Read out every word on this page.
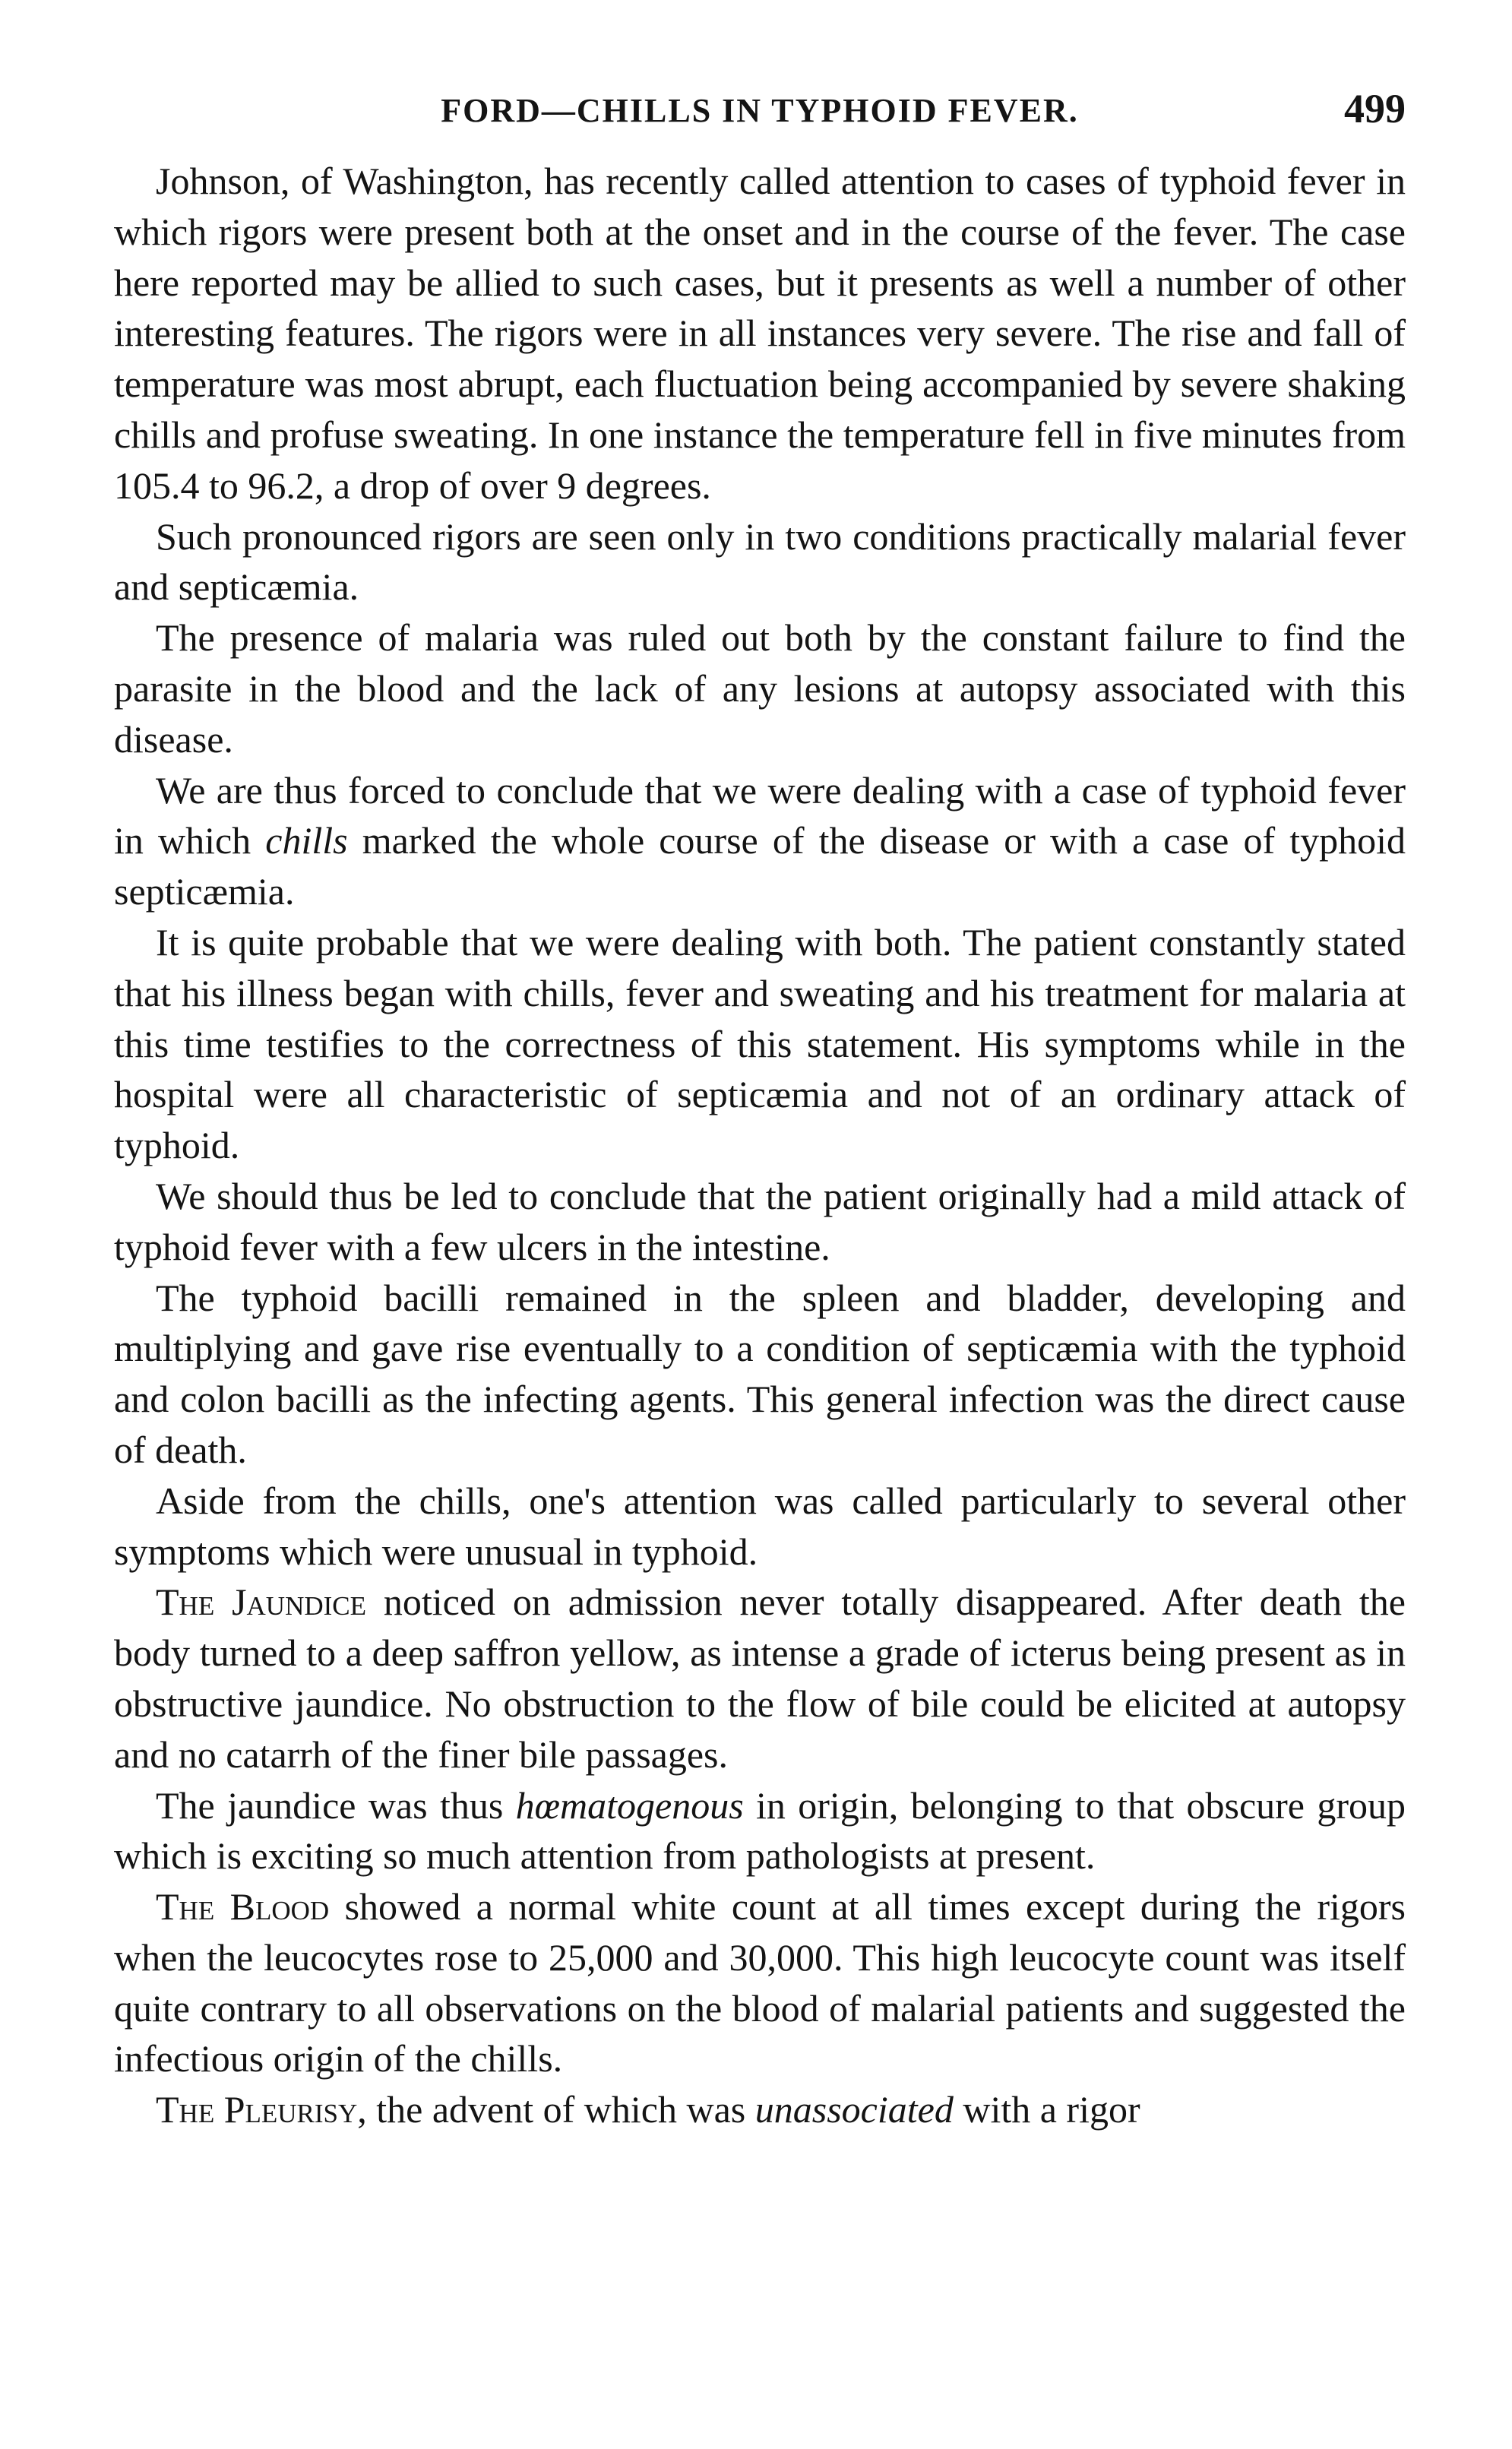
FORD—CHILLS IN TYPHOID FEVER.	499

Johnson, of Washington, has recently called attention to cases of typhoid fever in which rigors were present both at the onset and in the course of the fever. The case here reported may be allied to such cases, but it presents as well a number of other interesting features. The rigors were in all instances very severe. The rise and fall of temperature was most abrupt, each fluctuation being accompanied by severe shaking chills and profuse sweating. In one instance the temperature fell in five minutes from 105.4 to 96.2, a drop of over 9 degrees.

Such pronounced rigors are seen only in two conditions practically malarial fever and septicæmia.

The presence of malaria was ruled out both by the constant failure to find the parasite in the blood and the lack of any lesions at autopsy associated with this disease.

We are thus forced to conclude that we were dealing with a case of typhoid fever in which chills marked the whole course of the disease or with a case of typhoid septicæmia.

It is quite probable that we were dealing with both. The patient constantly stated that his illness began with chills, fever and sweating and his treatment for malaria at this time testifies to the correctness of this statement. His symptoms while in the hospital were all characteristic of septicæmia and not of an ordinary attack of typhoid.

We should thus be led to conclude that the patient originally had a mild attack of typhoid fever with a few ulcers in the intestine.

The typhoid bacilli remained in the spleen and bladder, developing and multiplying and gave rise eventually to a condition of septicæmia with the typhoid and colon bacilli as the infecting agents. This general infection was the direct cause of death.

Aside from the chills, one's attention was called particularly to several other symptoms which were unusual in typhoid.

The Jaundice noticed on admission never totally disappeared. After death the body turned to a deep saffron yellow, as intense a grade of icterus being present as in obstructive jaundice. No obstruction to the flow of bile could be elicited at autopsy and no catarrh of the finer bile passages.

The jaundice was thus hœmatogenous in origin, belonging to that obscure group which is exciting so much attention from pathologists at present.

The Blood showed a normal white count at all times except during the rigors when the leucocytes rose to 25,000 and 30,000. This high leucocyte count was itself quite contrary to all observations on the blood of malarial patients and suggested the infectious origin of the chills.

The Pleurisy, the advent of which was unassociated with a rigor
